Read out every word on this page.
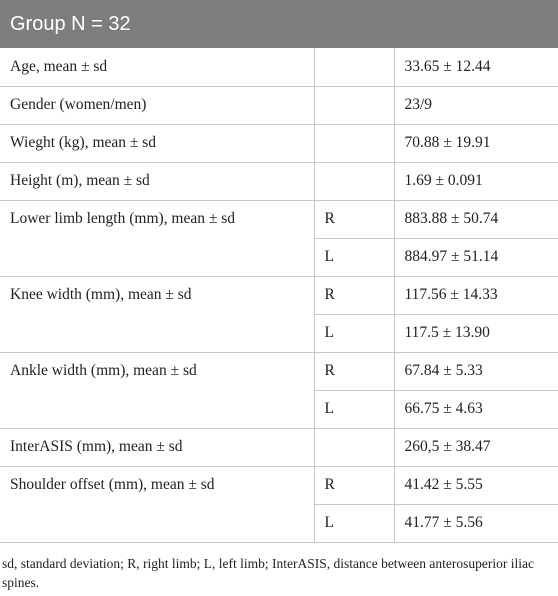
Group N = 32		
Age, mean ± sd		33.65 ± 12.44
Gender (women/men)		23/9
Wieght (kg), mean ± sd		70.88 ± 19.91
Height (m), mean ± sd		1.69 ± 0.091
Lower limb length (mm), mean ± sd	R	883.88 ± 50.74
	L	884.97 ± 51.14
Knee width (mm), mean ± sd	R	117.56 ± 14.33
	L	117.5 ± 13.90
Ankle width (mm), mean ± sd	R	67.84 ± 5.33
	L	66.75 ± 4.63
InterASIS (mm), mean ± sd		260,5 ± 38.47
Shoulder offset (mm), mean ± sd	R	41.42 ± 5.55
	L	41.77 ± 5.56

sd, standard deviation; R, right limb; L, left limb; InterASIS, distance between anterosuperior iliac spines.
